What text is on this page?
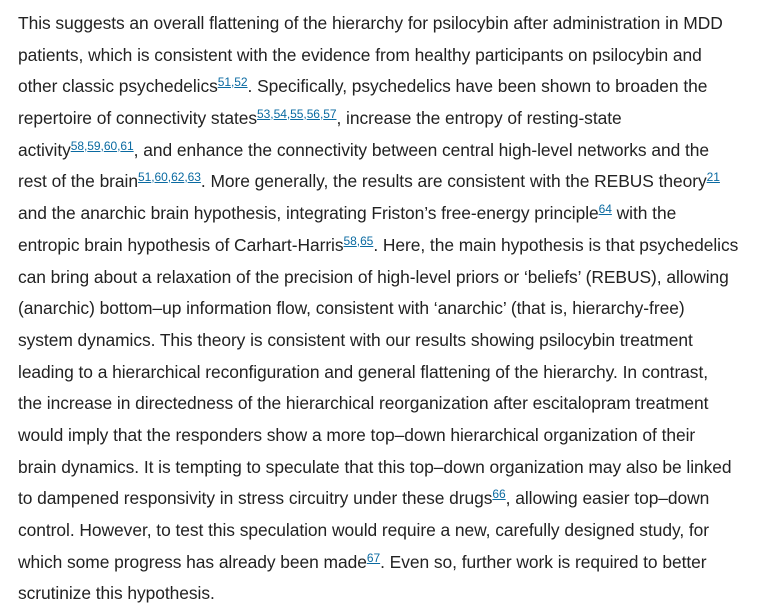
This suggests an overall flattening of the hierarchy for psilocybin after administration in MDD
patients, which is consistent with the evidence from healthy participants on psilocybin and
other classic psychedelics$^{51,52}$. Specifically, psychedelics have been shown to broaden the
repertoire of connectivity states$^{53,54,55,56,57}$, increase the entropy of resting-state
activity$^{58,59,60,61}$, and enhance the connectivity between central high-level networks and the
rest of the brain$^{51,60,62,63}$. More generally, the results are consistent with the REBUS theory$^{21}$
and the anarchic brain hypothesis, integrating Friston’s free-energy principle$^{64}$ with the
entropic brain hypothesis of Carhart-Harris$^{58,65}$. Here, the main hypothesis is that psychedelics
can bring about a relaxation of the precision of high-level priors or ‘beliefs’ (REBUS), allowing
(anarchic) bottom–up information flow, consistent with ‘anarchic’ (that is, hierarchy-free)
system dynamics. This theory is consistent with our results showing psilocybin treatment
leading to a hierarchical reconfiguration and general flattening of the hierarchy. In contrast,
the increase in directedness of the hierarchical reorganization after escitalopram treatment
would imply that the responders show a more top–down hierarchical organization of their
brain dynamics. It is tempting to speculate that this top–down organization may also be linked
to dampened responsivity in stress circuitry under these drugs$^{66}$, allowing easier top–down
control. However, to test this speculation would require a new, carefully designed study, for
which some progress has already been made$^{67}$. Even so, further work is required to better
scrutinize this hypothesis.
